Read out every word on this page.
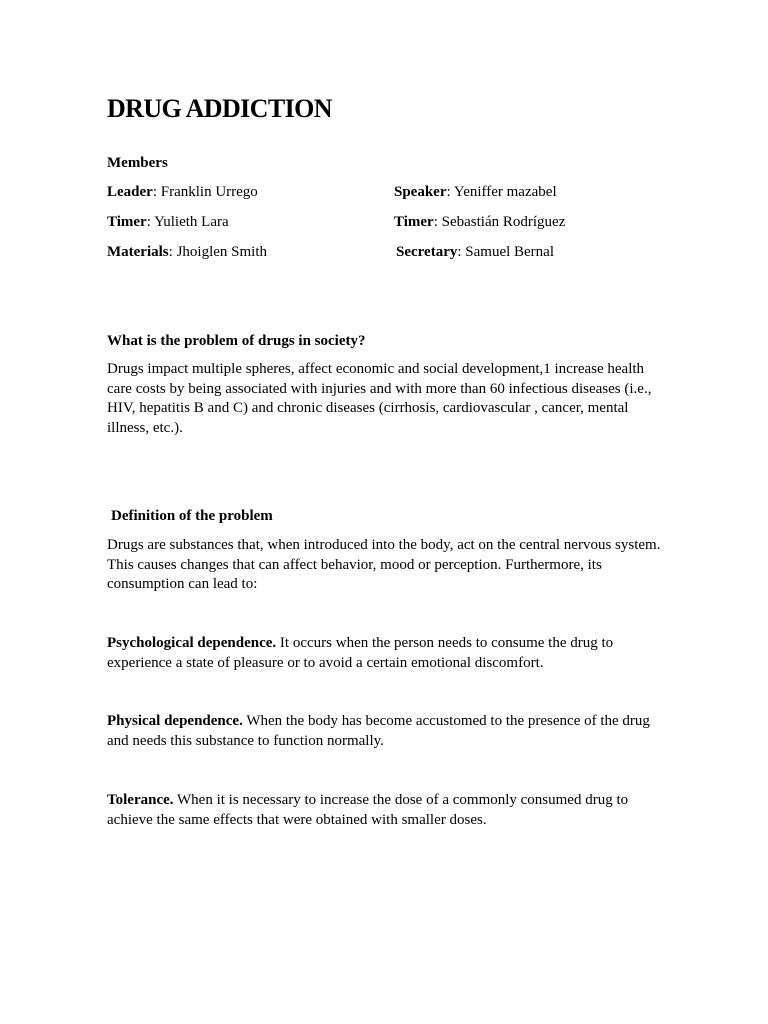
DRUG ADDICTION

Members

Leader: Franklin Urrego	Speaker: Yeniffer mazabel
Timer: Yulieth Lara	Timer: Sebastián Rodríguez
Materials: Jhoiglen Smith	Secretary: Samuel Bernal

What is the problem of drugs in society?

Drugs impact multiple spheres, affect economic and social development,1 increase health care costs by being associated with injuries and with more than 60 infectious diseases (i.e., HIV, hepatitis B and C) and chronic diseases (cirrhosis, cardiovascular , cancer, mental illness, etc.).

Definition of the problem

Drugs are substances that, when introduced into the body, act on the central nervous system. This causes changes that can affect behavior, mood or perception. Furthermore, its consumption can lead to:

Psychological dependence. It occurs when the person needs to consume the drug to experience a state of pleasure or to avoid a certain emotional discomfort.

Physical dependence. When the body has become accustomed to the presence of the drug and needs this substance to function normally.

Tolerance. When it is necessary to increase the dose of a commonly consumed drug to achieve the same effects that were obtained with smaller doses.
